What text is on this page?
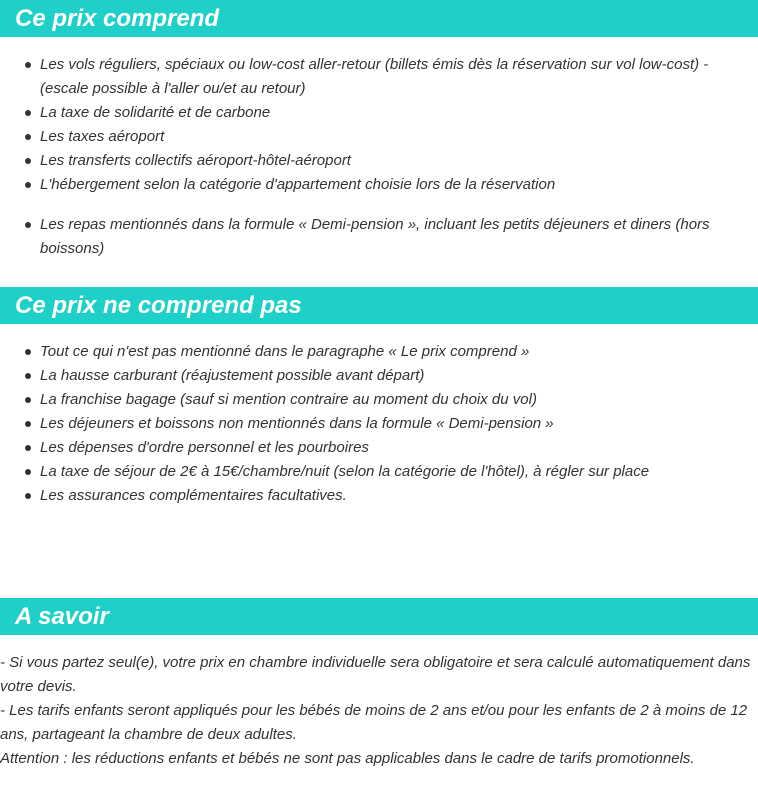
Ce prix comprend
Les vols réguliers, spéciaux ou low-cost aller-retour (billets émis dès la réservation sur vol low-cost) - (escale possible à l'aller ou/et au retour)
La taxe de solidarité et de carbone
Les taxes aéroport
Les transferts collectifs aéroport-hôtel-aéroport
L'hébergement selon la catégorie d'appartement choisie lors de la réservation
Les repas mentionnés dans la formule « Demi-pension », incluant les petits déjeuners et diners (hors boissons)
Ce prix ne comprend pas
Tout ce qui n'est pas mentionné dans le paragraphe « Le prix comprend »
La hausse carburant (réajustement possible avant départ)
La franchise bagage (sauf si mention contraire au moment du choix du vol)
Les déjeuners et boissons non mentionnés dans la formule « Demi-pension »
Les dépenses d'ordre personnel et les pourboires
La taxe de séjour de 2€ à 15€/chambre/nuit (selon la catégorie de l'hôtel), à régler sur place
Les assurances complémentaires facultatives.
A savoir

- Si vous partez seul(e), votre prix en chambre individuelle sera obligatoire et sera calculé automatiquement dans votre devis.

- Les tarifs enfants seront appliqués pour les bébés de moins de 2 ans et/ou pour les enfants de 2 à moins de 12 ans, partageant la chambre de deux adultes.

Attention : les réductions enfants et bébés ne sont pas applicables dans le cadre de tarifs promotionnels.
